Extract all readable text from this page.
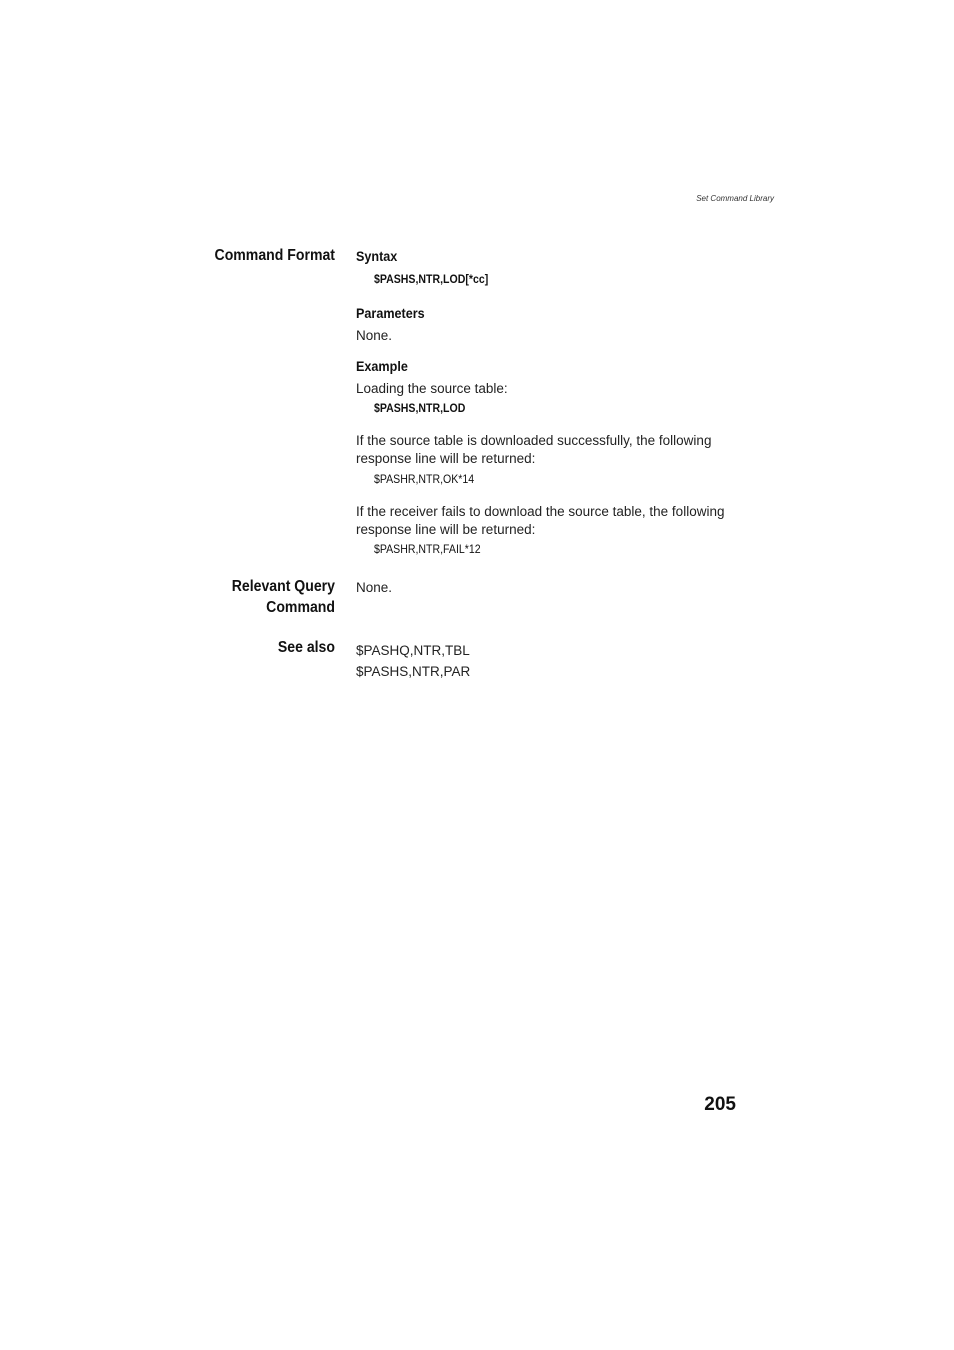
Set Command Library
Command Format Syntax
$PASHS,NTR,LOD[*cc]
Parameters
None.
Example
Loading the source table:
$PASHS,NTR,LOD
If the source table is downloaded successfully, the following response line will be returned:
$PASHR,NTR,OK*14
If the receiver fails to download the source table, the following response line will be returned:
$PASHR,NTR,FAIL*12
Relevant Query
Command
None.
See also $PASHQ,NTR,TBL
$PASHS,NTR,PAR
205
